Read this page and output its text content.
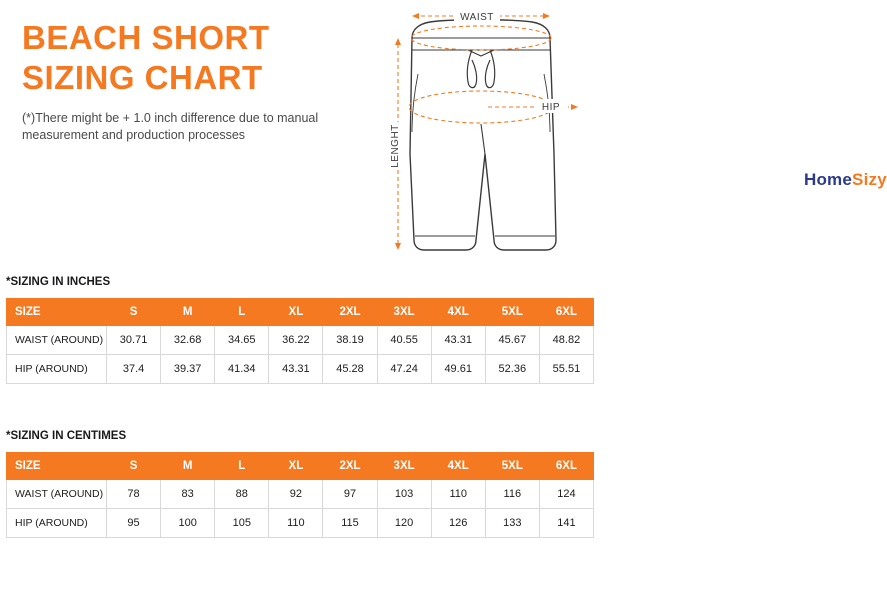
BEACH SHORT
SIZING CHART
(*)There might be + 1.0 inch difference due to manual measurement and production processes
WAIST
HIP
LENGHT
HomeSizy
*SIZING IN INCHES
SIZE	S	M	L	XL	2XL	3XL	4XL	5XL	6XL
WAIST (AROUND)	30.71	32.68	34.65	36.22	38.19	40.55	43.31	45.67	48.82
HIP (AROUND)	37.4	39.37	41.34	43.31	45.28	47.24	49.61	52.36	55.51
*SIZING IN CENTIMES
SIZE	S	M	L	XL	2XL	3XL	4XL	5XL	6XL
WAIST (AROUND)	78	83	88	92	97	103	110	116	124
HIP (AROUND)	95	100	105	110	115	120	126	133	141
